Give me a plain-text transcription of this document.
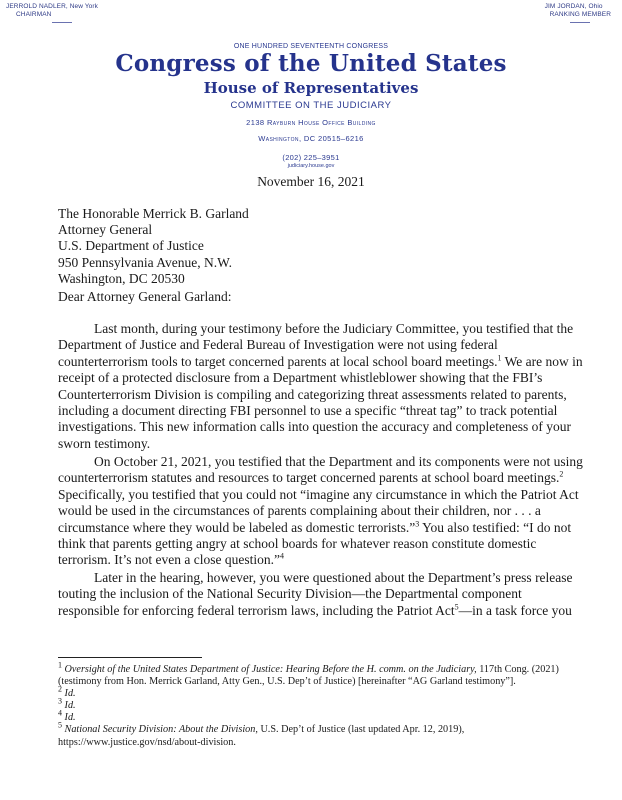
JERROLD NADLER, New York
CHAIRMAN
JIM JORDAN, Ohio
RANKING MEMBER
ONE HUNDRED SEVENTEENTH CONGRESS
Congress of the United States
House of Representatives
COMMITTEE ON THE JUDICIARY
2138 Rayburn House Office Building
Washington, DC 20515–6216
(202) 225–3951
judiciary.house.gov
November 16, 2021
The Honorable Merrick B. Garland
Attorney General
U.S. Department of Justice
950 Pennsylvania Avenue, N.W.
Washington, DC 20530
Dear Attorney General Garland:
Last month, during your testimony before the Judiciary Committee, you testified that the Department of Justice and Federal Bureau of Investigation were not using federal counterterrorism tools to target concerned parents at local school board meetings.$^1$ We are now in receipt of a protected disclosure from a Department whistleblower showing that the FBI’s Counterterrorism Division is compiling and categorizing threat assessments related to parents, including a document directing FBI personnel to use a specific “threat tag” to track potential investigations. This new information calls into question the accuracy and completeness of your sworn testimony.
On October 21, 2021, you testified that the Department and its components were not using counterterrorism statutes and resources to target concerned parents at school board meetings.$^2$ Specifically, you testified that you could not “imagine any circumstance in which the Patriot Act would be used in the circumstances of parents complaining about their children, nor . . . a circumstance where they would be labeled as domestic terrorists.”$^3$ You also testified: “I do not think that parents getting angry at school boards for whatever reason constitute domestic terrorism. It’s not even a close question.”$^4$
Later in the hearing, however, you were questioned about the Department’s press release touting the inclusion of the National Security Division—the Departmental component responsible for enforcing federal terrorism laws, including the Patriot Act$^5$—in a task force you
$^1$ Oversight of the United States Department of Justice: Hearing Before the H. comm. on the Judiciary, 117th Cong. (2021) (testimony from Hon. Merrick Garland, Atty Gen., U.S. Dep’t of Justice) [hereinafter “AG Garland testimony”].
$^2$ Id.
$^3$ Id.
$^4$ Id.
$^5$ National Security Division: About the Division, U.S. Dep’t of Justice (last updated Apr. 12, 2019), https://www.justice.gov/nsd/about-division.
